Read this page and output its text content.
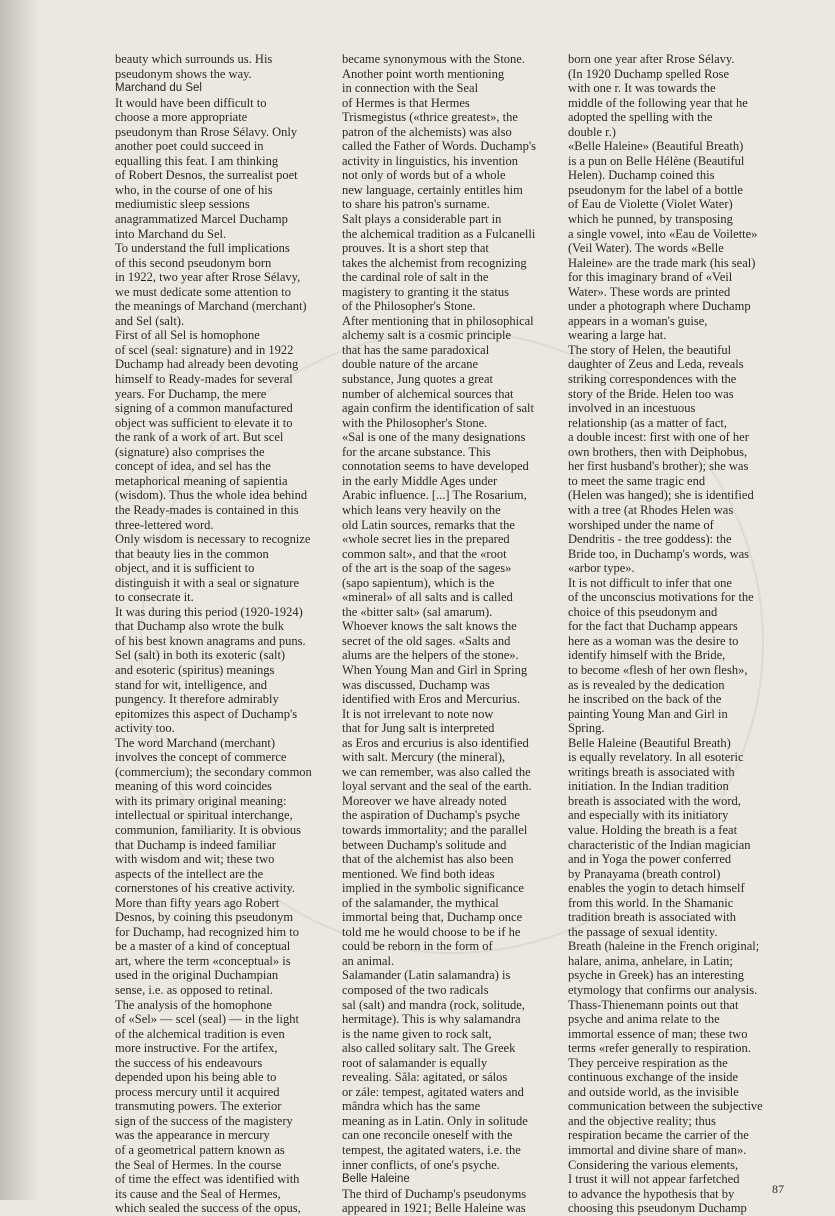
beauty which surrounds us. His
pseudonym shows the way.
Marchand du Sel
It would have been difficult to
choose a more appropriate
pseudonym than Rrose Sélavy. Only
another poet could succeed in
equalling this feat. I am thinking
of Robert Desnos, the surrealist poet
who, in the course of one of his
mediumistic sleep sessions
anagrammatized Marcel Duchamp
into Marchand du Sel.
To understand the full implications
of this second pseudonym born
in 1922, two year after Rrose Sélavy,
we must dedicate some attention to
the meanings of Marchand (merchant)
and Sel (salt).
First of all Sel is homophone
of scel (seal: signature) and in 1922
Duchamp had already been devoting
himself to Ready-mades for several
years. For Duchamp, the mere
signing of a common manufactured
object was sufficient to elevate it to
the rank of a work of art. But scel
(signature) also comprises the
concept of idea, and sel has the
metaphorical meaning of sapientia
(wisdom). Thus the whole idea behind
the Ready-mades is contained in this
three-lettered word.
Only wisdom is necessary to recognize
that beauty lies in the common
object, and it is sufficient to
distinguish it with a seal or signature
to consecrate it.
It was during this period (1920-1924)
that Duchamp also wrote the bulk
of his best known anagrams and puns.
Sel (salt) in both its exoteric (salt)
and esoteric (spiritus) meanings
stand for wit, intelligence, and
pungency. It therefore admirably
epitomizes this aspect of Duchamp's
activity too.
The word Marchand (merchant)
involves the concept of commerce
(commercium); the secondary common
meaning of this word coincides
with its primary original meaning:
intellectual or spiritual interchange,
communion, familiarity. It is obvious
that Duchamp is indeed familiar
with wisdom and wit; these two
aspects of the intellect are the
cornerstones of his creative activity.
More than fifty years ago Robert
Desnos, by coining this pseudonym
for Duchamp, had recognized him to
be a master of a kind of conceptual
art, where the term «conceptual» is
used in the original Duchampian
sense, i.e. as opposed to retinal.
The analysis of the homophone
of «Sel» — scel (seal) — in the light
of the alchemical tradition is even
more instructive. For the artifex,
the success of his endeavours
depended upon his being able to
process mercury until it acquired
transmuting powers. The exterior
sign of the success of the magistery
was the appearance in mercury
of a geometrical pattern known as
the Seal of Hermes. In the course
of time the effect was identified with
its cause and the Seal of Hermes,
which sealed the success of the opus,
became synonymous with the Stone.
Another point worth mentioning
in connection with the Seal
of Hermes is that Hermes
Trismegistus («thrice greatest», the
patron of the alchemists) was also
called the Father of Words. Duchamp's
activity in linguistics, his invention
not only of words but of a whole
new language, certainly entitles him
to share his patron's surname.
Salt plays a considerable part in
the alchemical tradition as a Fulcanelli
prouves. It is a short step that
takes the alchemist from recognizing
the cardinal role of salt in the
magistery to granting it the status
of the Philosopher's Stone.
After mentioning that in philosophical
alchemy salt is a cosmic principle
that has the same paradoxical
double nature of the arcane
substance, Jung quotes a great
number of alchemical sources that
again confirm the identification of salt
with the Philosopher's Stone.
«Sal is one of the many designations
for the arcane substance. This
connotation seems to have developed
in the early Middle Ages under
Arabic influence. [...] The Rosarium,
which leans very heavily on the
old Latin sources, remarks that the
«whole secret lies in the prepared
common salt», and that the «root
of the art is the soap of the sages»
(sapo sapientum), which is the
«mineral» of all salts and is called
the «bitter salt» (sal amarum).
Whoever knows the salt knows the
secret of the old sages. «Salts and
alums are the helpers of the stone».
When Young Man and Girl in Spring
was discussed, Duchamp was
identified with Eros and Mercurius.
It is not irrelevant to note now
that for Jung salt is interpreted
as Eros and ercurius is also identified
with salt. Mercury (the mineral),
we can remember, was also called the
loyal servant and the seal of the earth.
Moreover we have already noted
the aspiration of Duchamp's psyche
towards immortality; and the parallel
between Duchamp's solitude and
that of the alchemist has also been
mentioned. We find both ideas
implied in the symbolic significance
of the salamander, the mythical
immortal being that, Duchamp once
told me he would choose to be if he
could be reborn in the form of
an animal.
Salamander (Latin salamandra) is
composed of the two radicals
sal (salt) and mandra (rock, solitude,
hermitage). This is why salamandra
is the name given to rock salt,
also called solitary salt. The Greek
root of salamander is equally
revealing. Sâla: agitated, or sálos
or zále: tempest, agitated waters and
mândra which has the same
meaning as in Latin. Only in solitude
can one reconcile oneself with the
tempest, the agitated waters, i.e. the
inner conflicts, of one's psyche.
Belle Haleine
The third of Duchamp's pseudonyms
appeared in 1921; Belle Haleine was
born one year after Rrose Sélavy.
(In 1920 Duchamp spelled Rose
with one r. It was towards the
middle of the following year that he
adopted the spelling with the
double r.)
«Belle Haleine» (Beautiful Breath)
is a pun on Belle Hélène (Beautiful
Helen). Duchamp coined this
pseudonym for the label of a bottle
of Eau de Violette (Violet Water)
which he punned, by transposing
a single vowel, into «Eau de Voilette»
(Veil Water). The words «Belle
Haleine» are the trade mark (his seal)
for this imaginary brand of «Veil
Water». These words are printed
under a photograph where Duchamp
appears in a woman's guise,
wearing a large hat.
The story of Helen, the beautiful
daughter of Zeus and Leda, reveals
striking correspondences with the
story of the Bride. Helen too was
involved in an incestuous
relationship (as a matter of fact,
a double incest: first with one of her
own brothers, then with Deiphobus,
her first husband's brother); she was
to meet the same tragic end
(Helen was hanged); she is identified
with a tree (at Rhodes Helen was
worshiped under the name of
Dendritis - the tree goddess): the
Bride too, in Duchamp's words, was
«arbor type».
It is not difficult to infer that one
of the unconscius motivations for the
choice of this pseudonym and
for the fact that Duchamp appears
here as a woman was the desire to
identify himself with the Bride,
to become «flesh of her own flesh»,
as is revealed by the dedication
he inscribed on the back of the
painting Young Man and Girl in
Spring.
Belle Haleine (Beautiful Breath)
is equally revelatory. In all esoteric
writings breath is associated with
initiation. In the Indian tradition
breath is associated with the word,
and especially with its initiatory
value. Holding the breath is a feat
characteristic of the Indian magician
and in Yoga the power conferred
by Pranayama (breath control)
enables the yogin to detach himself
from this world. In the Shamanic
tradition breath is associated with
the passage of sexual identity.
Breath (haleine in the French original;
halare, anima, anhelare, in Latin;
psyche in Greek) has an interesting
etymology that confirms our analysis.
Thass-Thienemann points out that
psyche and anima relate to the
immortal essence of man; these two
terms «refer generally to respiration.
They perceive respiration as the
continuous exchange of the inside
and outside world, as the invisible
communication between the subjective
and the objective reality; thus
respiration became the carrier of the
immortal and divine share of man».
Considering the various elements,
I trust it will not appear farfetched
to advance the hypothesis that by
choosing this pseudonym Duchamp
87
